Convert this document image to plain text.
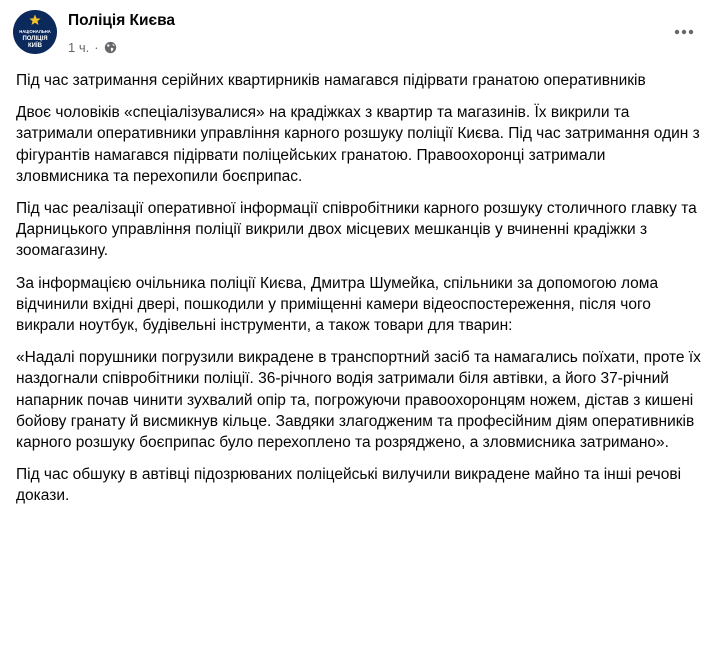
НАЦІОНАЛЬНА
ПОЛІЦІЯ
КИЇВ
Поліція Києва
1 ч. ·

Під час затримання серійних квартирників намагався підірвати гранатою оперативників

Двоє чоловіків «спеціалізувалися» на крадіжках з квартир та магазинів. Їх викрили та затримали оперативники управління карного розшуку поліції Києва. Під час затримання один з фігурантів намагався підірвати поліцейських гранатою. Правоохоронці затримали зловмисника та перехопили боєприпас.

Під час реалізації оперативної інформації співробітники карного розшуку столичного главку та Дарницького управління поліції викрили двох місцевих мешканців у вчиненні крадіжки з зоомагазину.

За інформацією очільника поліції Києва, Дмитра Шумейка, спільники за допомогою лома відчинили вхідні двері, пошкодили у приміщенні камери відеоспостереження, після чого викрали ноутбук, будівельні інструменти, а також товари для тварин:

«Надалі порушники погрузили викрадене в транспортний засіб та намагались поїхати, проте їх наздогнали співробітники поліції. 36-річного водія затримали біля автівки, а його 37-річний напарник почав чинити зухвалий опір та, погрожуючи правоохоронцям ножем, дістав з кишені бойову гранату й висмикнув кільце. Завдяки злагодженим та професійним діям оперативників карного розшуку боєприпас було перехоплено та розряджено, а зловмисника затримано».

Під час обшуку в автівці підозрюваних поліцейські вилучили викрадене майно та інші речові докази.
